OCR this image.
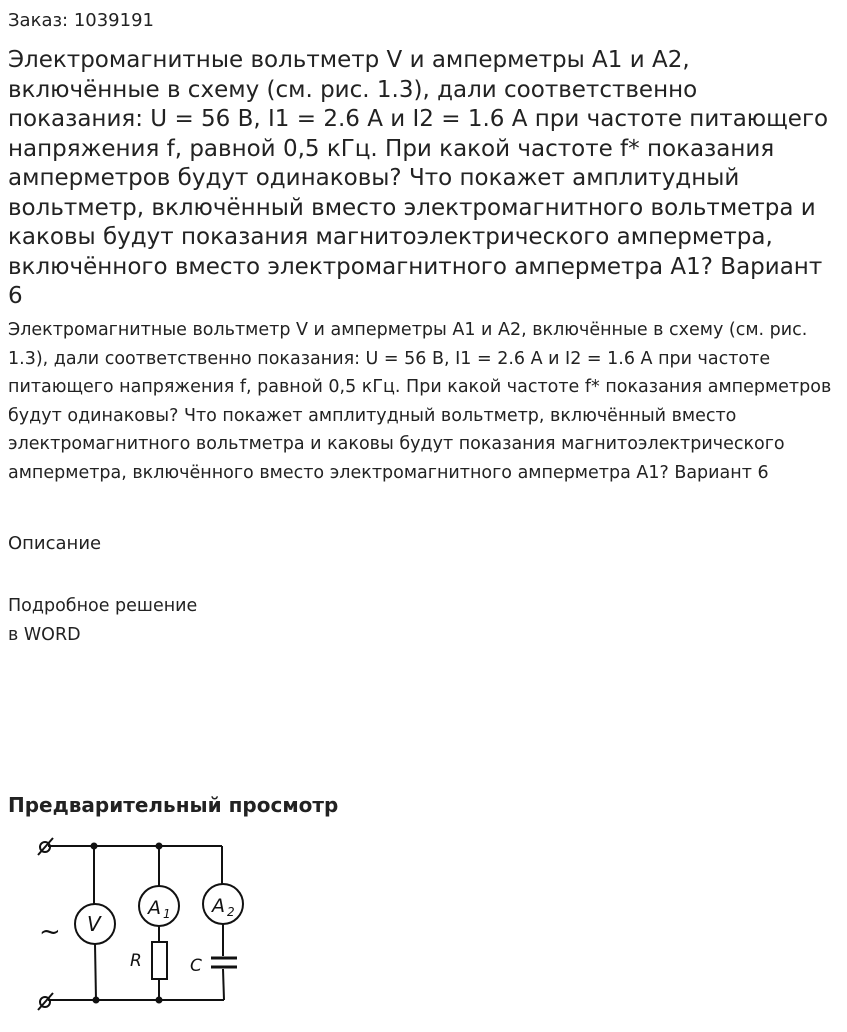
Заказ: 1039191

Электромагнитные вольтметр V и амперметры А1 и А2, включённые в схему (см. рис. 1.3), дали соответственно показания: U = 56 В, I1 = 2.6 А и I2 = 1.6 А при частоте питающего напряжения f, равной 0,5 кГц. При какой частоте f* показания амперметров будут одинаковы? Что покажет амплитудный вольтметр, включённый вместо электромагнитного вольтметра и каковы будут показания магнитоэлектрического амперметра, включённого вместо электромагнитного амперметра А1? Вариант 6

Электромагнитные вольтметр V и амперметры А1 и А2, включённые в схему (см. рис. 1.3), дали соответственно показания: U = 56 В, I1 = 2.6 А и I2 = 1.6 А при частоте питающего напряжения f, равной 0,5 кГц. При какой частоте f* показания амперметров будут одинаковы? Что покажет амплитудный вольтметр, включённый вместо электромагнитного вольтметра и каковы будут показания магнитоэлектрического амперметра, включённого вместо электромагнитного амперметра А1? Вариант 6

Описание

Подробное решение
в WORD

Предварительный просмотр
V
A 1 A 2
R	C
~
